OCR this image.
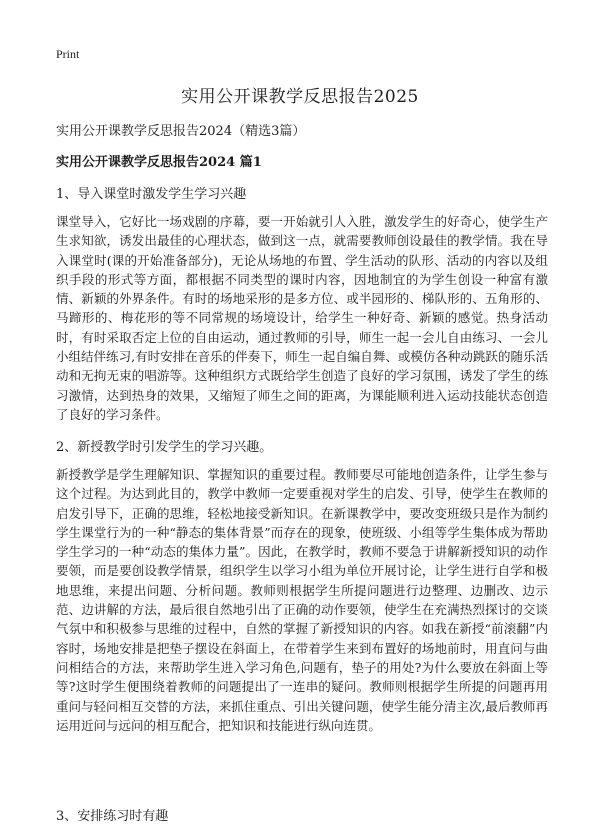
Print
实用公开课教学反思报告2025

实用公开课教学反思报告2024（精选3篇）

实用公开课教学反思报告2024 篇1

1、导入课堂时激发学生学习兴趣

课堂导入，它好比一场戏剧的序幕，要一开始就引人入胜，激发学生的好奇心，使学生产生求知欲，诱发出最佳的心理状态，做到这一点，就需要教师创设最佳的教学情。我在导入课堂时(课的开始准备部分)，无论从场地的布置、学生活动的队形、活动的内容以及组织手段的形式等方面，都根据不同类型的课时内容，因地制宜的为学生创设一种富有激情、新颖的外界条件。有时的场地采形的是多方位、或半园形的、梯队形的、五角形的、马蹄形的、梅花形的等不同常规的场境设计，给学生一种好奇、新颖的感觉。热身活动时，有时采取否定上位的自由运动，通过教师的引导，师生一起一会儿自由练习、一会儿小组结伴练习,有时安排在音乐的伴奏下，师生一起自编自舞、或模仿各种动跳跃的随乐活动和无拘无束的唱游等。这种组织方式既给学生创造了良好的学习氛围，诱发了学生的练习激情，达到热身的效果，又缩短了师生之间的距离，为课能顺利进入运动技能状态创造了良好的学习条件。

2、新授教学时引发学生的学习兴趣。

新授教学是学生理解知识、掌握知识的重要过程。教师要尽可能地创造条件，让学生参与这个过程。为达到此目的，教学中教师一定要重视对学生的启发、引导，使学生在教师的启发引导下，正确的思维，轻松地接受新知识。在新课教学中，要改变班级只是作为制约学生课堂行为的一种“静态的集体背景”而存在的现象，使班级、小组等学生集体成为帮助学生学习的一种“动态的集体力量”。因此，在教学时，教师不要急于讲解新授知识的动作要领，而是要创设教学情景，组织学生以学习小组为单位开展讨论，让学生进行自学和极地思维，来提出问题、分析问题。教师则根据学生所提问题进行边整理、边删改、边示范、边讲解的方法，最后很自然地引出了正确的动作要领，使学生在充满热烈探讨的交谈气氛中和积极参与思维的过程中，自然的掌握了新授知识的内容。如我在新授“前滚翻”内容时，场地安排是把垫子摆设在斜面上，在带着学生来到布置好的场地前时，用直问与曲问相结合的方法，来帮助学生进入学习角色,问题有，垫子的用处?为什么要放在斜面上等等?这时学生便围绕着教师的问题提出了一连串的疑问。教师则根据学生所提的问题再用重问与轻问相互交替的方法，来抓住重点、引出关键问题，使学生能分清主次,最后教师再运用近问与远问的相互配合，把知识和技能进行纵向连贯。

3、安排练习时有趣
